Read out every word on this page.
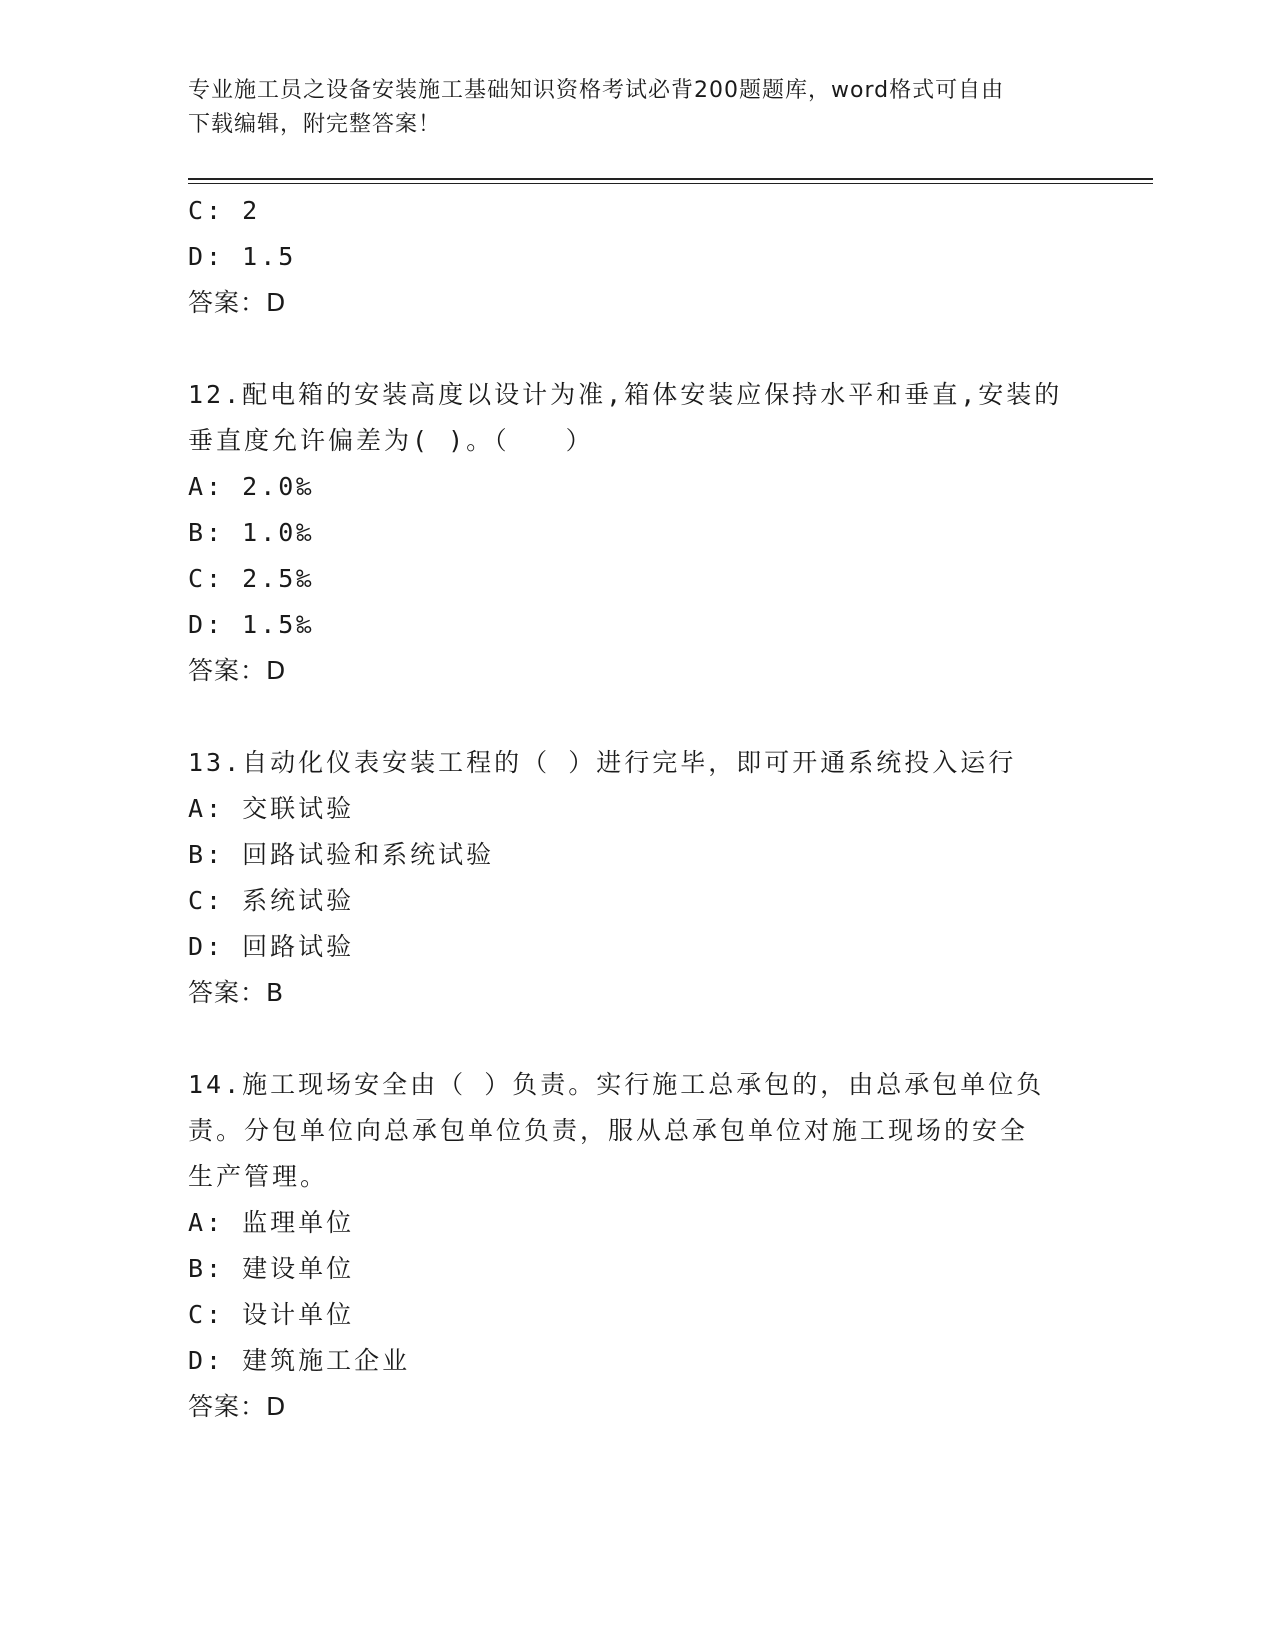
专业施工员之设备安装施工基础知识资格考试必背200题题库，word格式可自由
下载编辑，附完整答案！
C: 2
D: 1.5
答案：D
12.配电箱的安装高度以设计为准,箱体安装应保持水平和垂直,安装的
垂直度允许偏差为( )。（　　）
A: 2.0‰
B: 1.0‰
C: 2.5‰
D: 1.5‰
答案：D
13.自动化仪表安装工程的（ ）进行完毕，即可开通系统投入运行
A: 交联试验
B: 回路试验和系统试验
C: 系统试验
D: 回路试验
答案：B
14.施工现场安全由（ ）负责。实行施工总承包的，由总承包单位负
责。分包单位向总承包单位负责，服从总承包单位对施工现场的安全
生产管理。
A: 监理单位
B: 建设单位
C: 设计单位
D: 建筑施工企业
答案：D
